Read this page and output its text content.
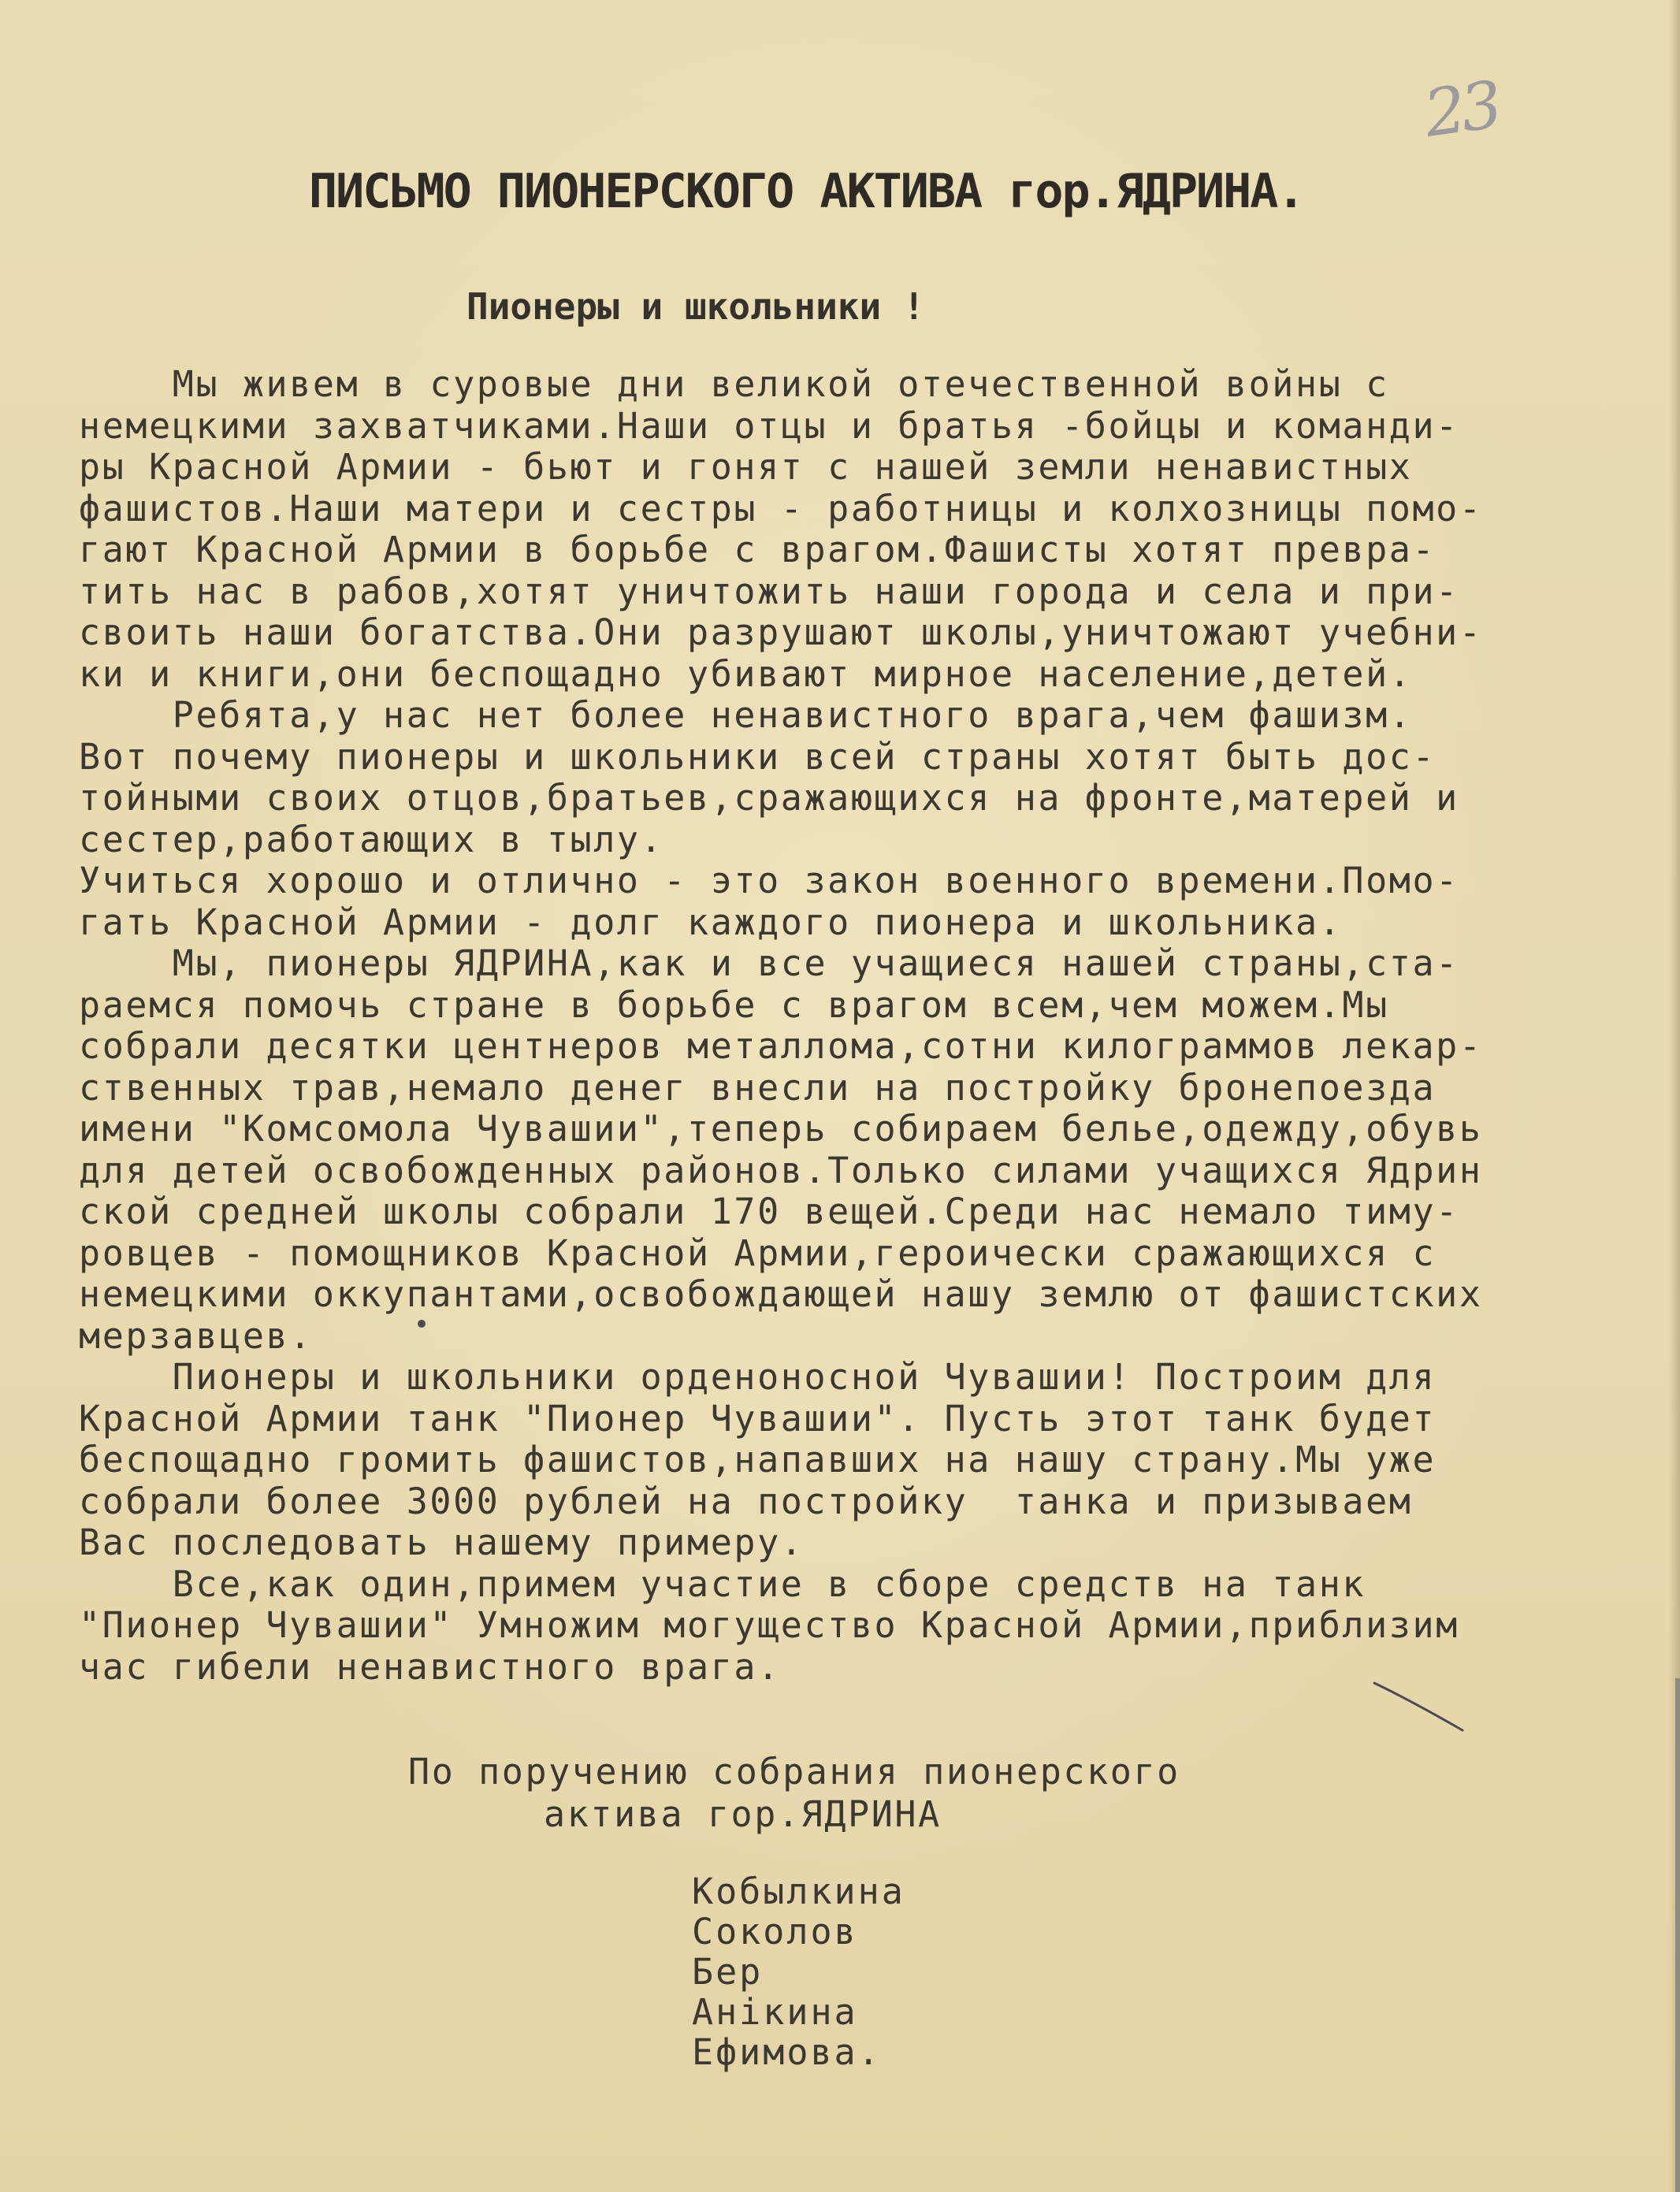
23
ПИСЬМО ПИОНЕРСКОГО АКТИВА гор.ЯДРИНА.
Пионеры и школьники !
Мы живем в суровые дни великой отечественной войны с
немецкими захватчиками.Наши отцы и братья -бойцы и команди-
ры Красной Армии - бьют и гонят с нашей земли ненавистных
фашистов.Наши матери и сестры - работницы и колхозницы помо-
гают Красной Армии в борьбе с врагом.Фашисты хотят превра-
тить нас в рабов,хотят уничтожить наши города и села и при-
своить наши богатства.Они разрушают школы,уничтожают учебни-
ки и книги,они беспощадно убивают мирное население,детей.
Ребята,у нас нет более ненавистного врага,чем фашизм.
Вот почему пионеры и школьники всей страны хотят быть дос-
тойными своих отцов,братьев,сражающихся на фронте,матерей и
сестер,работающих в тылу.
Учиться хорошо и отлично - это закон военного времени.Помо-
гать Красной Армии - долг каждого пионера и школьника.
Мы, пионеры ЯДРИНА,как и все учащиеся нашей страны,ста-
раемся помочь стране в борьбе с врагом всем,чем можем.Мы
собрали десятки центнеров металлома,сотни килограммов лекар-
ственных трав,немало денег внесли на постройку бронепоезда
имени "Комсомола Чувашии",теперь собираем белье,одежду,обувь
для детей освобожденных районов.Только силами учащихся Ядрин
ской средней школы собрали 170 вещей.Среди нас немало тиму-
ровцев - помощников Красной Армии,героически сражающихся с
немецкими оккупантами,освобождающей нашу землю от фашистских
мерзавцев.
Пионеры и школьники орденоносной Чувашии! Построим для
Красной Армии танк "Пионер Чувашии". Пусть этот танк будет
беспощадно громить фашистов,напавших на нашу страну.Мы уже
собрали более 3000 рублей на постройку  танка и призываем
Вас последовать нашему примеру.
Все,как один,примем участие в сборе средств на танк
"Пионер Чувашии" Умножим могущество Красной Армии,приблизим
час гибели ненавистного врага.
По поручению собрания пионерского
актива гор.ЯДРИНА
Кобылкина
Соколов
Бер
Анікина
Ефимова.
